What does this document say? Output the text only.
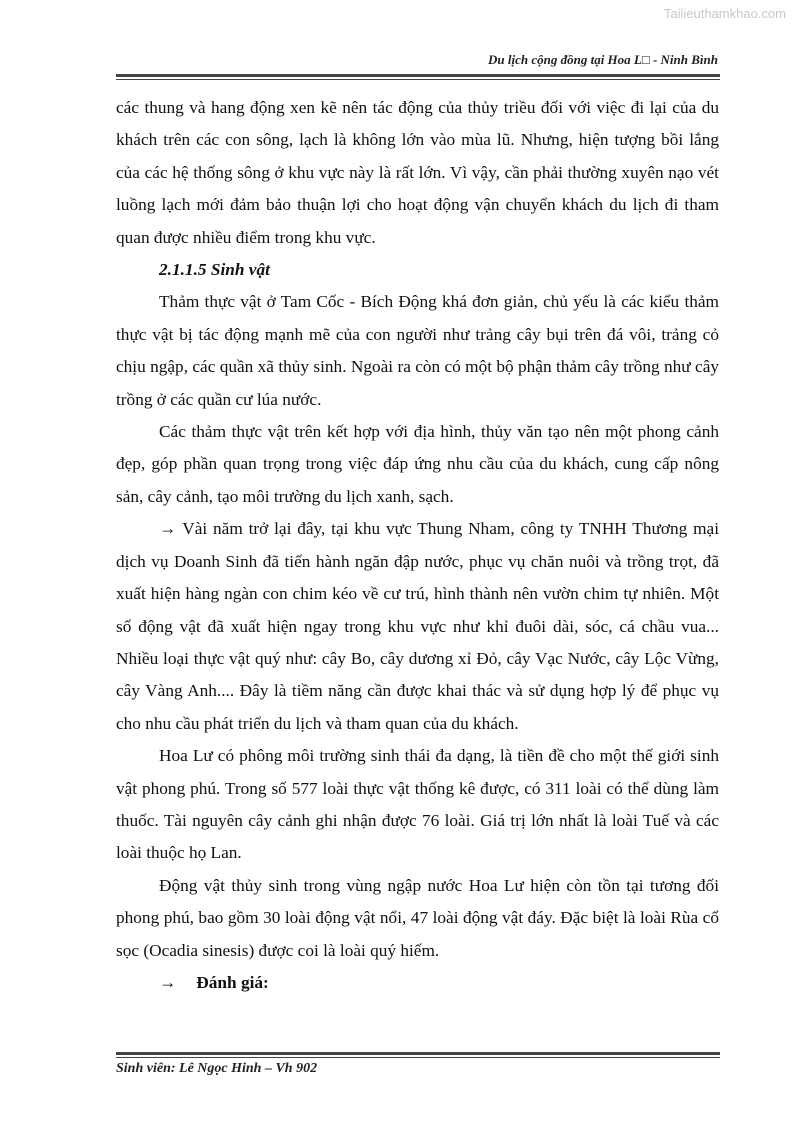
Tailieuthamkhao.com
Du lịch cộng đồng tại Hoa L□ - Ninh Bình

các thung và hang động xen kẽ nên tác động của thủy triều đối với việc đi lại của du khách trên các con sông, lạch là không lớn vào mùa lũ. Nhưng, hiện tượng bồi lắng của các hệ thống sông ở khu vực này là rất lớn. Vì vậy, cần phải thường xuyên nạo vét luồng lạch mới đảm bảo thuận lợi cho hoạt động vận chuyển khách du lịch đi tham quan được nhiều điểm trong khu vực.

2.1.1.5 Sinh vật

Thảm thực vật ở Tam Cốc - Bích Động khá đơn giản, chủ yếu là các kiểu thảm thực vật bị tác động mạnh mẽ của con người như trảng cây bụi trên đá vôi, trảng cỏ chịu ngập, các quần xã thủy sinh. Ngoài ra còn có một bộ phận thảm cây trồng như cây trồng ở các quần cư lúa nước.

Các thảm thực vật trên kết hợp với địa hình, thủy văn tạo nên một phong cảnh đẹp, góp phần quan trọng trong việc đáp ứng nhu cầu của du khách, cung cấp nông sản, cây cảnh, tạo môi trường du lịch xanh, sạch.

→ Vài năm trở lại đây, tại khu vực Thung Nham, công ty TNHH Thương mại dịch vụ Doanh Sinh đã tiến hành ngăn đập nước, phục vụ chăn nuôi và trồng trọt, đã xuất hiện hàng ngàn con chim kéo về cư trú, hình thành nên vườn chim tự nhiên. Một số động vật đã xuất hiện ngay trong khu vực như khỉ đuôi dài, sóc, cá chầu vua... Nhiều loại thực vật quý như: cây Bo, cây dương xỉ Đỏ, cây Vạc Nước, cây Lộc Vừng, cây Vàng Anh.... Đây là tiềm năng cần được khai thác và sử dụng hợp lý để phục vụ cho nhu cầu phát triển du lịch và tham quan của du khách.

Hoa Lư có phông môi trường sinh thái đa dạng, là tiền đề cho một thế giới sinh vật phong phú. Trong số 577 loài thực vật thống kê được, có 311 loài có thể dùng làm thuốc. Tài nguyên cây cảnh ghi nhận được 76 loài. Giá trị lớn nhất là loài Tuế và các loài thuộc họ Lan.

Động vật thủy sinh trong vùng ngập nước Hoa Lư hiện còn tồn tại tương đối phong phú, bao gồm 30 loài động vật nổi, 47 loài động vật đáy. Đặc biệt là loài Rùa cổ sọc (Ocadia sinesis) được coi là loài quý hiếm.

→ Đánh giá:

Sinh viên: Lê Ngọc Hinh – Vh 902
